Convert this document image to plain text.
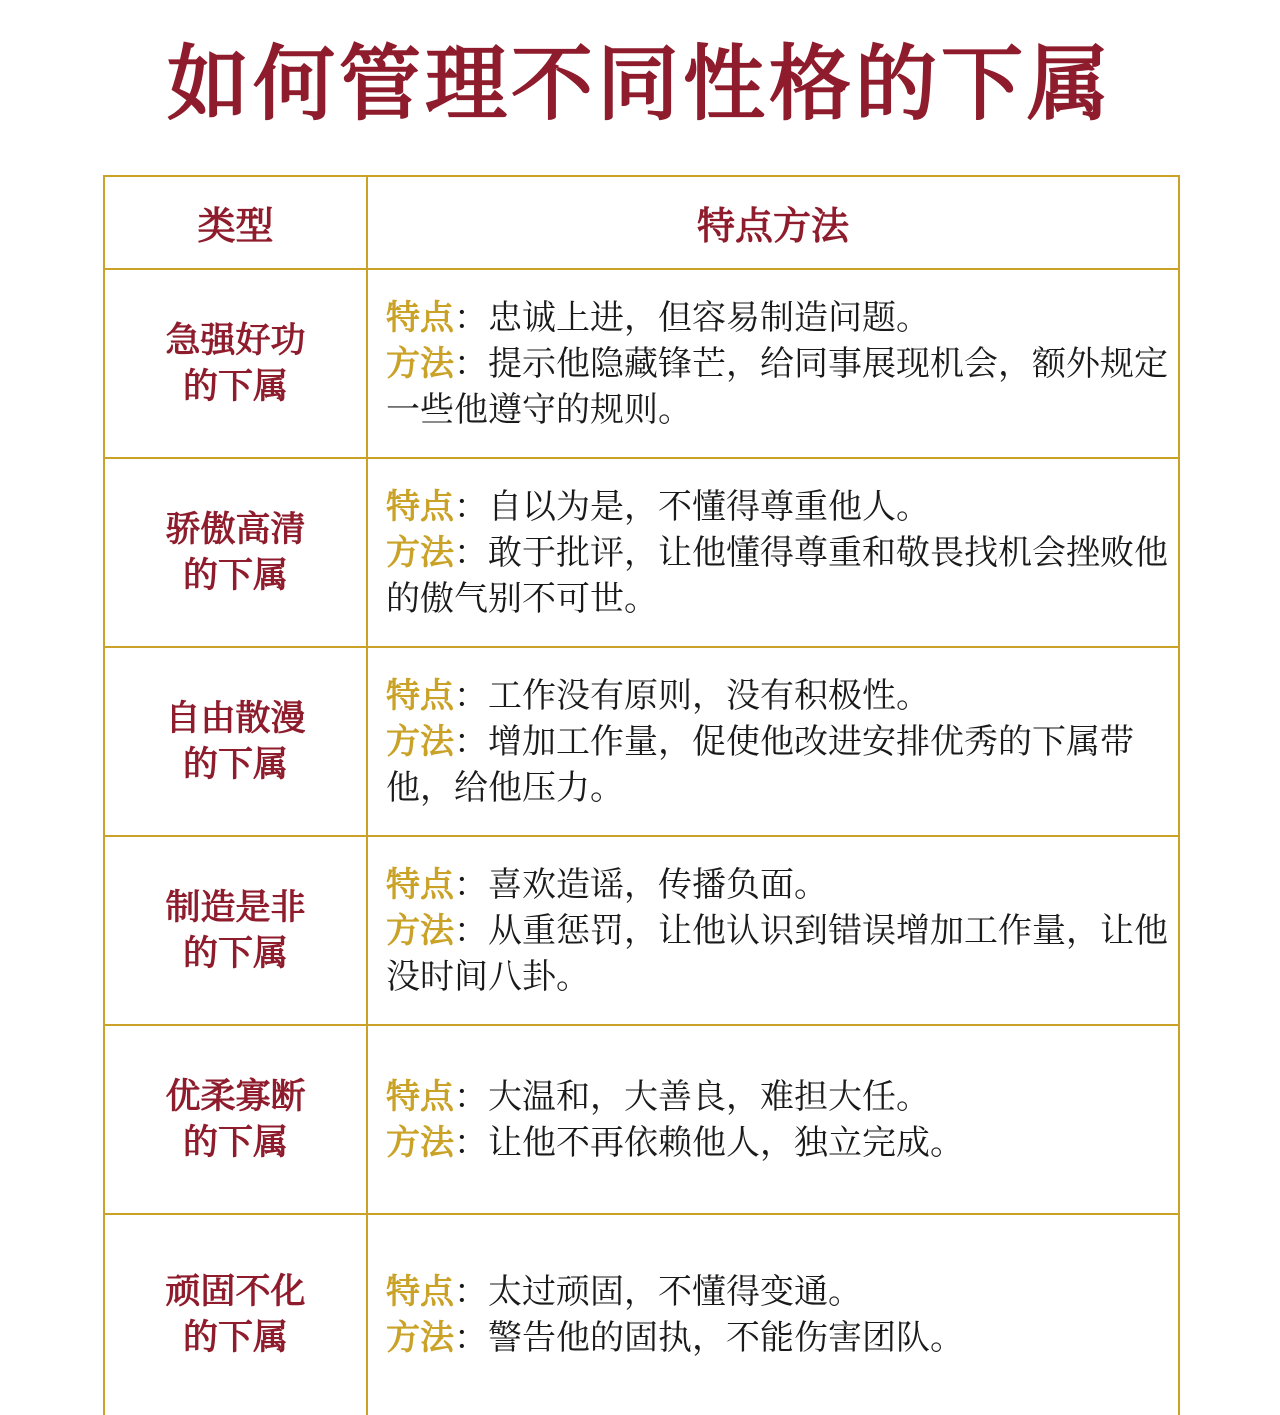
如何管理不同性格的下属
类型	特点方法

急强好功
的下属	特点：忠诚上进，但容易制造问题。
方法：提示他隐藏锋芒，给同事展现机会，额外规定一些他遵守的规则。

骄傲高清
的下属	特点：自以为是，不懂得尊重他人。
方法：敢于批评，让他懂得尊重和敬畏找机会挫败他的傲气别不可世。

自由散漫
的下属	特点：工作没有原则，没有积极性。
方法：增加工作量，促使他改进安排优秀的下属带他，给他压力。

制造是非
的下属	特点：喜欢造谣，传播负面。
方法：从重惩罚，让他认识到错误增加工作量，让他没时间八卦。

优柔寡断
的下属	特点：大温和，大善良，难担大任。
方法：让他不再依赖他人，独立完成。

顽固不化
的下属	特点：太过顽固，不懂得变通。
方法：警告他的固执，不能伤害团队。
